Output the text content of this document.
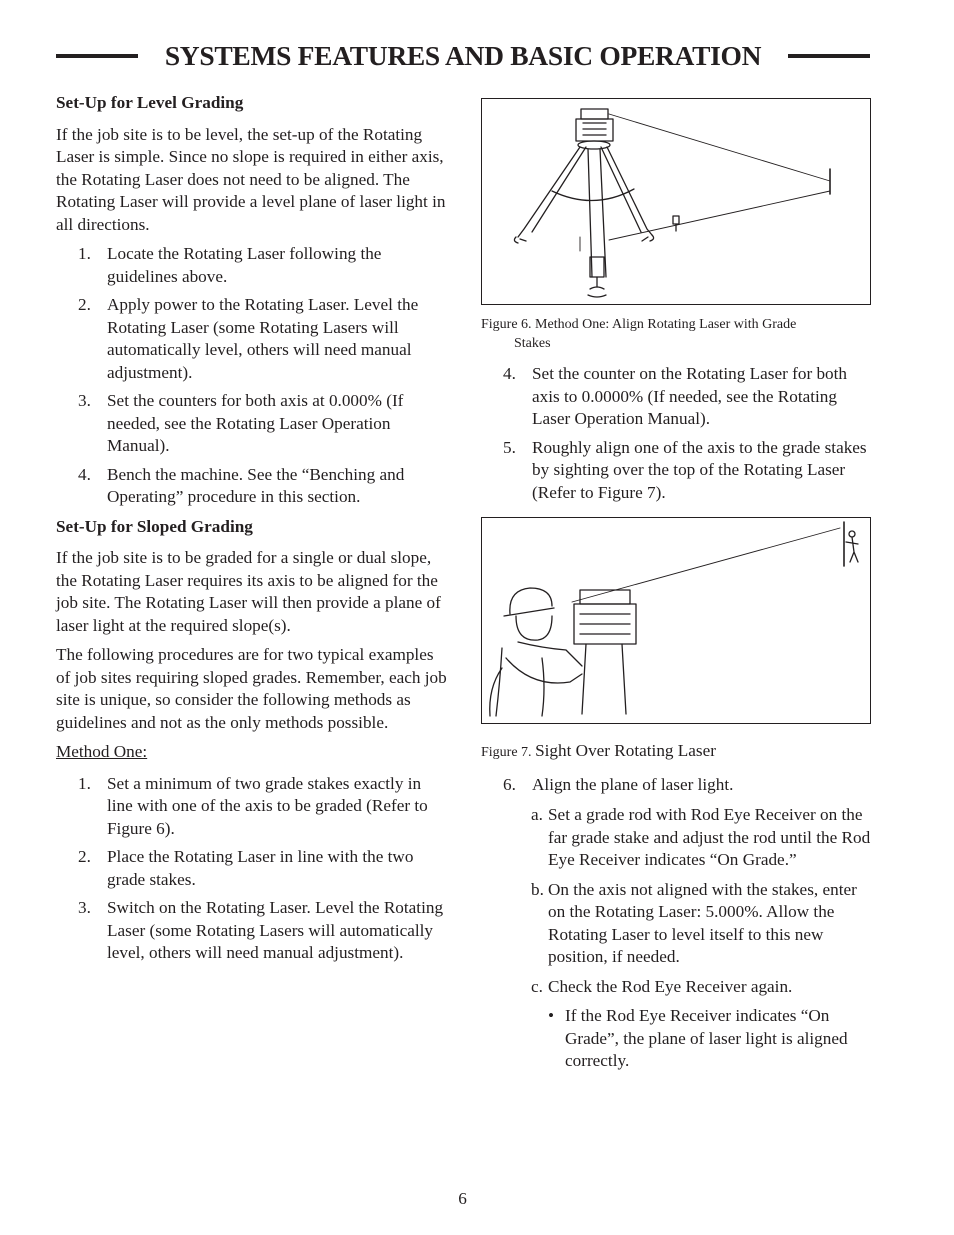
SYSTEMS FEATURES AND BASIC OPERATION
Set-Up for Level Grading

If the job site is to be level, the set-up of the Rotating Laser is simple. Since no slope is required in either axis, the Rotating Laser does not need to be aligned. The Rotating Laser will provide a level plane of laser light in all directions.

1. Locate the Rotating Laser following the guidelines above.
2. Apply power to the Rotating Laser. Level the Rotating Laser (some Rotating Lasers will automatically level, others will need manual adjustment).
3. Set the counters for both axis at 0.000% (If needed, see the Rotating Laser Operation Manual).
4. Bench the machine. See the “Benching and Operating” procedure in this section.
Set-Up for Sloped Grading

If the job site is to be graded for a single or dual slope, the Rotating Laser requires its axis to be aligned for the job site. The Rotating Laser will then provide a plane of laser light at the required slope(s).

The following procedures are for two typical examples of job sites requiring sloped grades. Remember, each job site is unique, so consider the following methods as guidelines and not as the only methods possible.

Method One:

1. Set a minimum of two grade stakes exactly in line with one of the axis to be graded (Refer to Figure 6).
2. Place the Rotating Laser in line with the two grade stakes.
3. Switch on the Rotating Laser. Level the Rotating Laser (some Rotating Lasers will automatically level, others will need manual adjustment).
Figure 6. Method One: Align Rotating Laser with Grade
Stakes
4. Set the counter on the Rotating Laser for both axis to 0.0000% (If needed, see the Rotating Laser Operation Manual).
5. Roughly align one of the axis to the grade stakes by sighting over the top of the Rotating Laser (Refer to Figure 7).
Figure 7. Sight Over Rotating Laser
6. Align the plane of laser light.
a. Set a grade rod with Rod Eye Receiver on the far grade stake and adjust the rod until the Rod Eye Receiver indicates “On Grade.”
b. On the axis not aligned with the stakes, enter on the Rotating Laser: 5.000%. Allow the Rotating Laser to level itself to this new position, if needed.
c. Check the Rod Eye Receiver again.
• If the Rod Eye Receiver indicates “On Grade”, the plane of laser light is aligned correctly.
6
